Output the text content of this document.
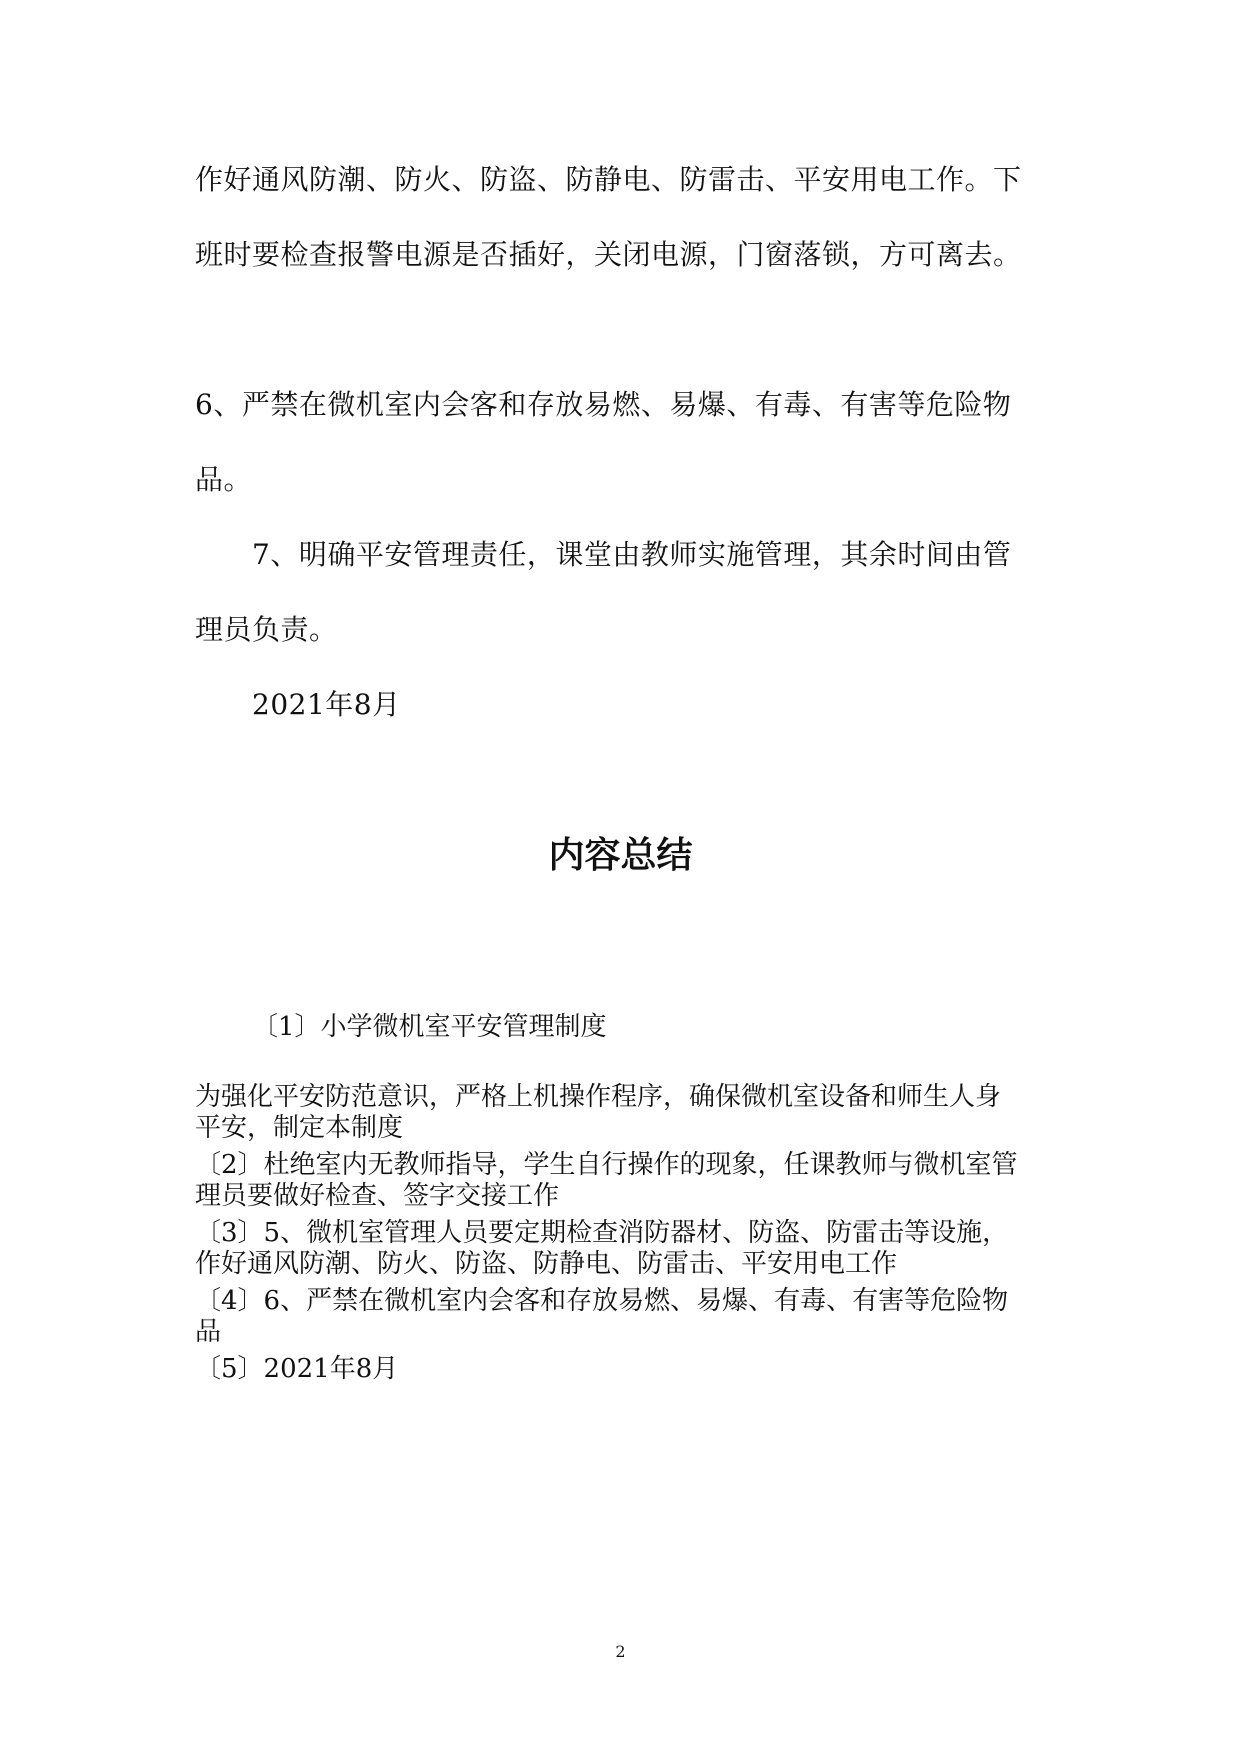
作好通风防潮、防火、防盗、防静电、防雷击、平安用电工作。下
班时要检查报警电源是否插好，关闭电源，门窗落锁，方可离去。
6、严禁在微机室内会客和存放易燃、易爆、有毒、有害等危险物
品。
7、明确平安管理责任，课堂由教师实施管理，其余时间由管
理员负责。
2021年8月
内容总结
〔1〕小学微机室平安管理制度
为强化平安防范意识，严格上机操作程序，确保微机室设备和师生人身
平安，制定本制度
〔2〕杜绝室内无教师指导，学生自行操作的现象，任课教师与微机室管
理员要做好检查、签字交接工作
〔3〕5、微机室管理人员要定期检查消防器材、防盗、防雷击等设施，
作好通风防潮、防火、防盗、防静电、防雷击、平安用电工作
〔4〕6、严禁在微机室内会客和存放易燃、易爆、有毒、有害等危险物
品
〔5〕2021年8月
2
